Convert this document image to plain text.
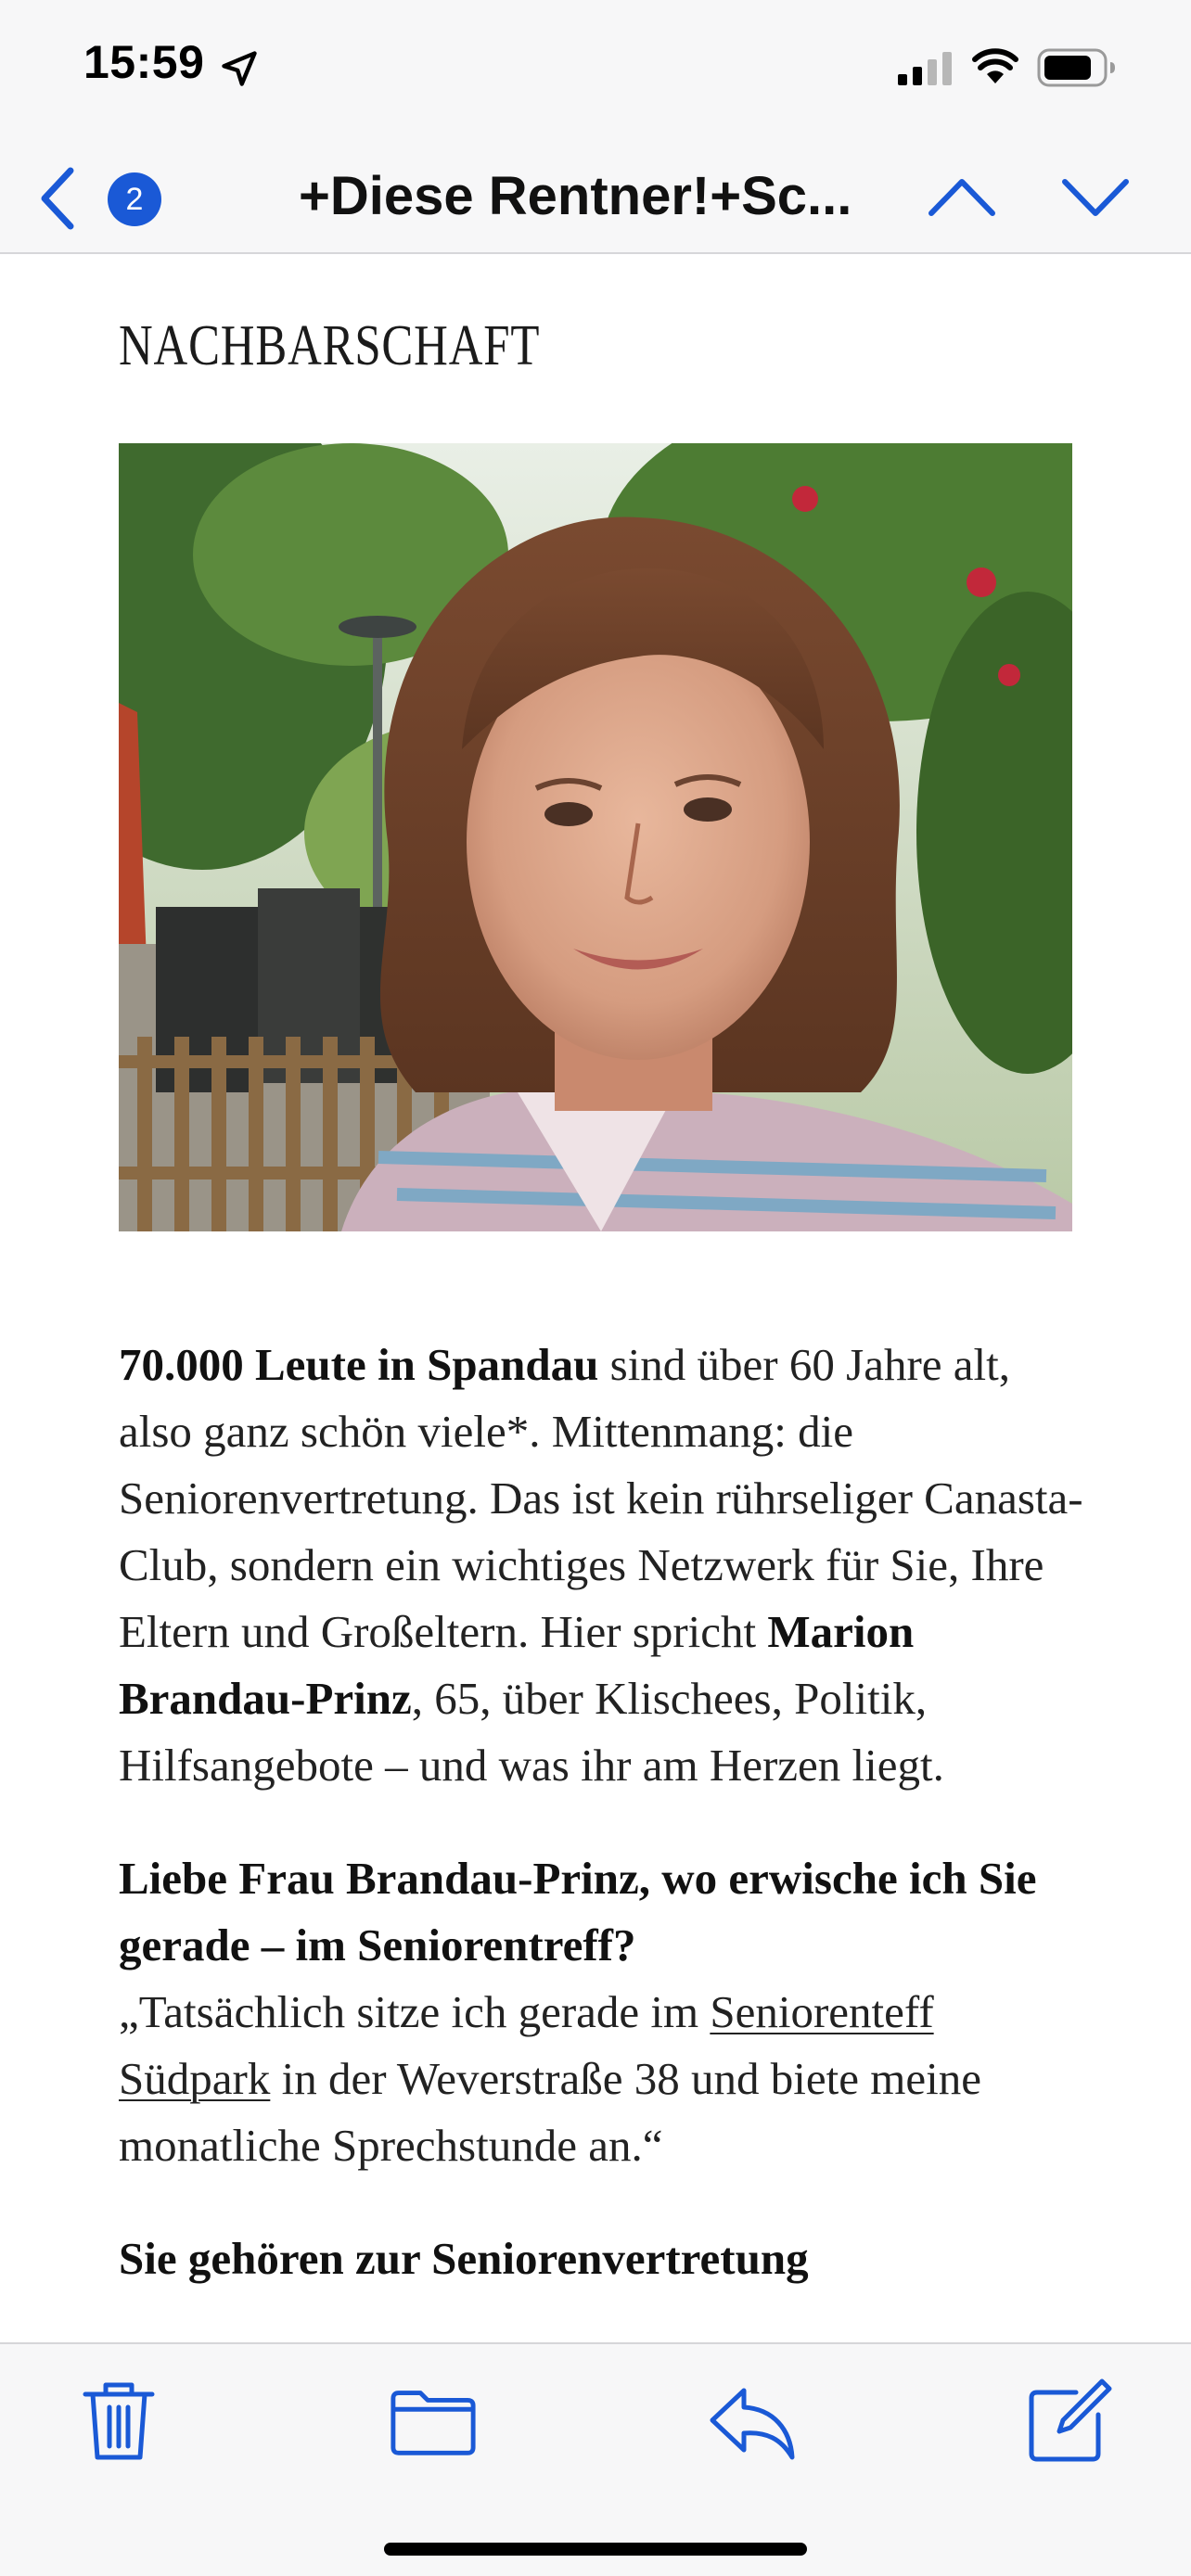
15:59
2	+Diese Rentner!+Sc...
NACHBARSCHAFT

70.000 Leute in Spandau sind über 60 Jahre alt, also ganz schön viele*. Mittenmang: die Seniorenvertretung. Das ist kein rührseliger Canasta-Club, sondern ein wichtiges Netzwerk für Sie, Ihre Eltern und Großeltern. Hier spricht Marion Brandau-Prinz, 65, über Klischees, Politik, Hilfsangebote – und was ihr am Herzen liegt.

Liebe Frau Brandau-Prinz, wo erwische ich Sie gerade – im Seniorentreff?
„Tatsächlich sitze ich gerade im Seniorenteff Südpark in der Weverstraße 38 und biete meine monatliche Sprechstunde an.“

Sie gehören zur Seniorenvertretung
